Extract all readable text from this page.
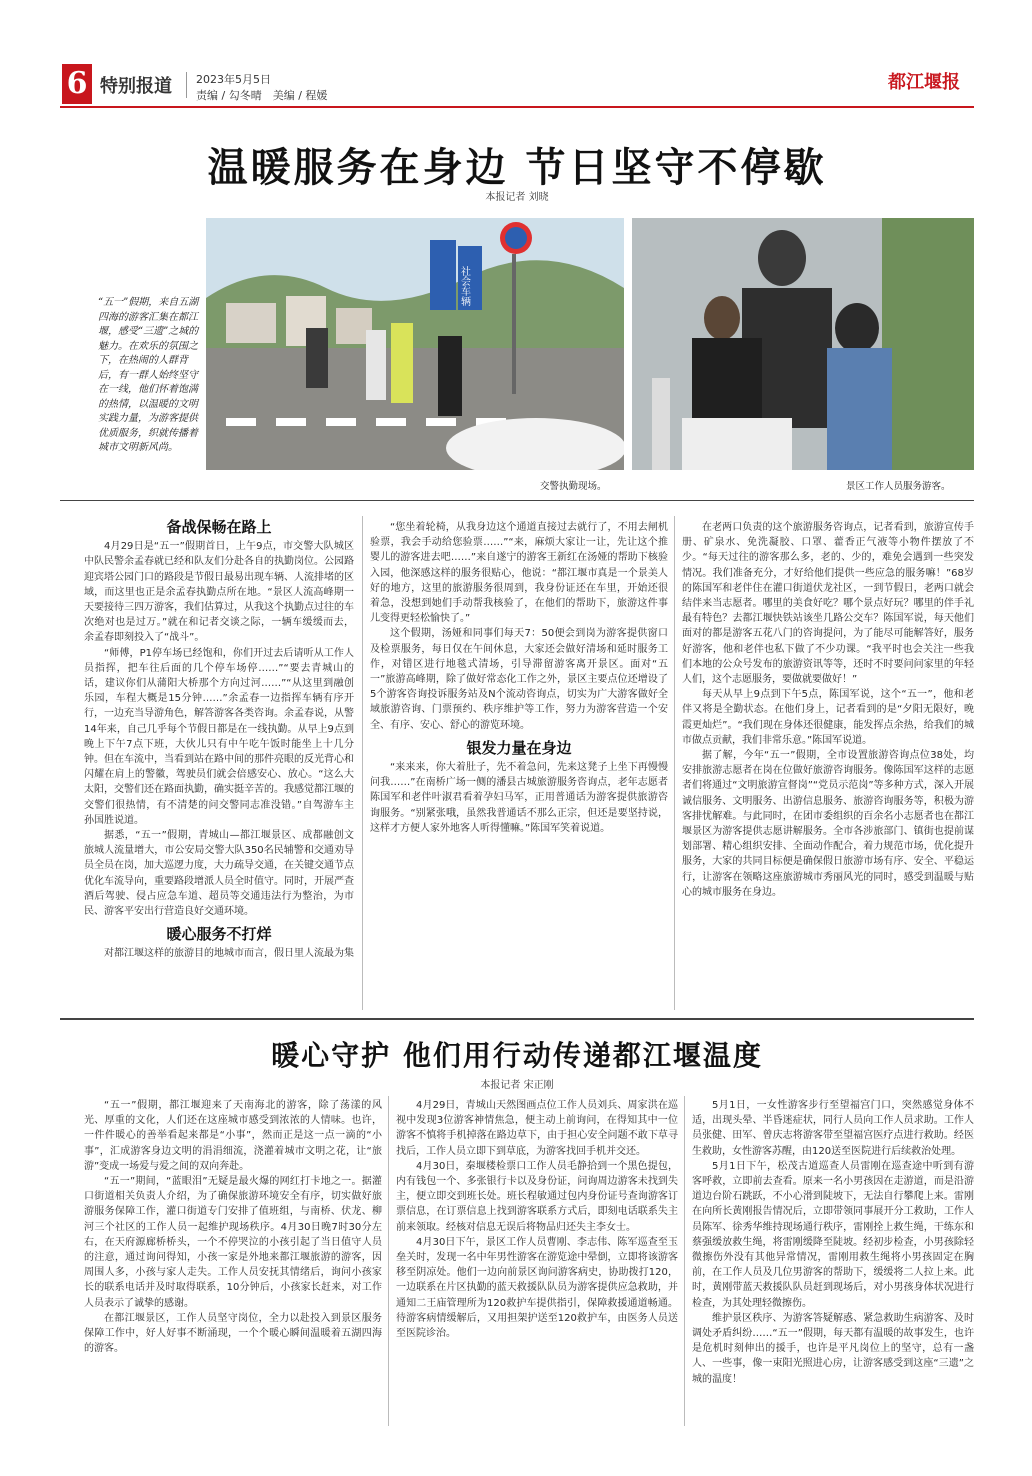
6 特别报道 2023年5月5日
责编 / 勾冬晴　美编 / 程媛
都江堰报
温暖服务在身边 节日坚守不停歇
本报记者 刘晓
“五一”假期，来自五湖四海的游客汇集在都江堰，感受“三遗”之城的魅力。在欢乐的氛围之下，在热闹的人群背后，有一群人始终坚守在一线，他们怀着饱满的热情，以温暖的文明实践力量，为游客提供优质服务，织就传播着城市文明新风尚。
社会车辆
交警执勤现场。	景区工作人员服务游客。
备战保畅在路上

4月29日是“五一”假期首日，上午9点，市交警大队城区中队民警余孟春就已经和队友们分赴各自的执勤岗位。公园路迎宾塔公园门口的路段是节假日最易出现车辆、人流排堵的区域，而这里也正是余孟春执勤点所在地。“景区人流高峰期一天要接待三四万游客，我们估算过，从我这个执勤点过往的车次绝对也是过万。”就在和记者交谈之际，一辆车缓缓而去，余孟春即刻投入了“战斗”。

“师傅，P1停车场已经饱和，你们开过去后请听从工作人员指挥，把车往后面的几个停车场停……”“要去青城山的话，建议你们从蒲阳大桥那个方向过河……”“从这里到融创乐园，车程大概是15分钟……”余孟春一边指挥车辆有序开行，一边充当导游角色，解答游客各类咨询。余孟春说，从警14年来，自己几乎每个节假日都是在一线执勤。从早上9点到晚上下午7点下班，大伙儿只有中午吃午饭时能坐上十几分钟。但在车流中，当看到站在路中间的那件亮眼的反光背心和闪耀在肩上的警徽，驾驶员们就会倍感安心、放心。“这么大太阳，交警们还在路面执勤，确实挺辛苦的。我感觉都江堰的交警们很热情，有不清楚的问交警同志准没错。”自驾游车主孙国胜说道。

据悉，“五一”假期，青城山—都江堰景区、成都融创文旅城人流量增大，市公安局交警大队350名民辅警和交通劝导员全员在岗，加大巡逻力度，大力疏导交通，在关键交通节点优化车流导向，重要路段增派人员全时值守。同时，开展严查酒后驾驶、侵占应急车道、超员等交通违法行为整治，为市民、游客平安出行营造良好交通环境。

暖心服务不打烊

对都江堰这样的旅游目的地城市而言，假日里人流最为集

“您坐着轮椅，从我身边这个通道直接过去就行了，不用去闸机验票，我会手动给您验票……”“来，麻烦大家让一让，先让这个推婴儿的游客进去吧……”来自遂宁的游客王新红在汤娅的帮助下核验入园，他深感这样的服务很贴心，他说：“都江堰市真是一个景美人好的地方，这里的旅游服务很周到，我身份证还在车里，开始还很着急，没想到她们手动帮我核验了，在他们的帮助下，旅游这件事儿变得更轻松愉快了。”

这个假期，汤娅和同事们每天7：50便会到岗为游客提供窗口及检票服务，每日仅在午间休息，大家还会做好清场和延时服务工作，对错区进行地毯式清场，引导滞留游客离开景区。面对“五一”旅游高峰期，除了做好常态化工作之外，景区主要点位还增设了5个游客咨询投诉服务站及N个流动咨询点，切实为广大游客做好全域旅游咨询、门票预约、秩序维护等工作，努力为游客营造一个安全、有序、安心、舒心的游览环境。

银发力量在身边

“来来来，你大着肚子，先不着急问，先来这凳子上坐下再慢慢问我……”在南桥广场一侧的潘县古城旅游服务咨询点，老年志愿者陈国军和老伴叶淑君看着孕妇马军，正用普通话为游客提供旅游咨询服务。“别紧张哦，虽然我普通话不那么正宗，但还是要坚持说，这样才方便人家外地客人听得懂嘛。”陈国军笑着说道。

在老两口负责的这个旅游服务咨询点，记者看到，旅游宣传手册、矿泉水、免洗凝胶、口罩、藿香正气液等小物件摆放了不少。“每天过往的游客那么多，老的、少的，难免会遇到一些突发情况。我们准备充分，才好给他们提供一些应急的服务嘛！”68岁的陈国军和老伴住在灌口街道伏龙社区，一到节假日，老两口就会结伴来当志愿者。哪里的美食好吃？哪个景点好玩？哪里的伴手礼最有特色？去都江堰快铁站该坐几路公交车？陈国军说，每天他们面对的都是游客五花八门的咨询提问，为了能尽可能解答好，服务好游客，他和老伴也私下做了不少功课。“我平时也会关注一些我们本地的公众号发布的旅游资讯等等，还时不时要问问家里的年轻人们，这个志愿服务，要做就要做好！”

每天从早上9点到下午5点，陈国军说，这个“五一”，他和老伴又将是全勤状态。在他们身上，记者看到的是“夕阳无限好，晚霞更灿烂”。“我们现在身体还很健康，能发挥点余热，给我们的城市做点贡献，我们非常乐意。”陈国军说道。

据了解，今年“五一”假期，全市设置旅游咨询点位38处，均安排旅游志愿者在岗在位做好旅游咨询服务。像陈国军这样的志愿者们将通过“文明旅游宣督岗”“党员示范岗”等多种方式，深入开展诚信服务、文明服务、出游信息服务、旅游咨询服务等，积极为游客排忧解难。与此同时，在团市委组织的百余名小志愿者也在都江堰景区为游客提供志愿讲解服务。全市各涉旅部门、镇街也提前谋划部署、精心组织安排、全面动作配合，着力规范市场，优化提升服务，大家的共同目标便是确保假日旅游市场有序、安全、平稳运行，让游客在领略这座旅游城市秀丽风光的同时，感受到温暖与贴心的城市服务在身边。

暖心守护 他们用行动传递都江堰温度
本报记者 宋正刚

“五一”假期，都江堰迎来了天南海北的游客，除了荡漾的风光、厚重的文化，人们还在这座城市感受到浓浓的人情味。也许，一件件暖心的善举看起来都是“小事”，然而正是这一点一滴的“小事”，汇成游客身边文明的涓涓细流，浇灌着城市文明之花，让“旅游”变成一场爱与爱之间的双向奔赴。

“五一”期间，“蓝眼泪”无疑是最火爆的网红打卡地之一。据灌口街道相关负责人介绍，为了确保旅游环境安全有序，切实做好旅游服务保障工作，灌口街道专门安排了值班组，与南桥、伏龙、柳河三个社区的工作人员一起维护现场秩序。4月30日晚7时30分左右，在天府源廊桥桥头，一个不停哭泣的小孩引起了当日值守人员的注意，通过询问得知，小孩一家是外地来都江堰旅游的游客，因周围人多，小孩与家人走失。工作人员安抚其情绪后，询问小孩家长的联系电话并及时取得联系，10分钟后，小孩家长赶来，对工作人员表示了诚挚的感谢。

在都江堰景区，工作人员坚守岗位，全力以赴投入到景区服务保障工作中，好人好事不断涌现，一个个暖心瞬间温暖着五湖四海的游客。

4月29日，青城山天然图画点位工作人员刘兵、周家洪在巡视中发现3位游客神情焦急，便主动上前询问，在得知其中一位游客不慎将手机掉落在路边草下，由于担心安全问题不敢下草寻找后，工作人员立即下到草底，为游客找回手机并交还。

4月30日，秦堰楼检票口工作人员毛静拾到一个黑色提包，内有钱包一个、多张银行卡以及身份证，问询周边游客未找到失主，便立即交到班长处。班长程敏通过包内身份证号查询游客订票信息，在订票信息上找到游客联系方式后，即刻电话联系失主前来领取。经核对信息无误后将物品归还失主李女士。

4月30日下午，景区工作人员曹刚、李志伟、陈军巡查至玉垒关时，发现一名中年男性游客在游览途中晕倒，立即将该游客移至阴凉处。他们一边向前景区询问游客病史，协助拨打120，一边联系在片区执勤的蓝天救援队队员为游客提供应急救助，并通知二王庙管理所为120救护车提供指引，保障救援通道畅通。待游客病情缓解后，又用担架护送至120救护车，由医务人员送至医院诊治。

5月1日，一女性游客步行至望福宫门口，突然感觉身体不适，出现头晕、半昏迷症状，同行人员向工作人员求助。工作人员张健、田军、曾庆志将游客带至望福宫医疗点进行救助。经医生救助，女性游客苏醒，由120送至医院进行后续救治处理。

5月1日下午，松茂古道巡查人员雷刚在巡查途中听到有游客呼救，立即前去查看。原来一名小男孩因在走游道，而是沿游道边台阶石跳跃，不小心滑到陡坡下，无法自行攀爬上来。雷刚在向所长黄刚报告情况后，立即带领同事展开分工救助，工作人员陈军、徐秀华维持现场通行秩序，雷刚拴上救生绳，干练东和蔡强缓放救生绳，将雷刚缓降至陡坡。经初步检查，小男孩除轻微擦伤外没有其他异常情况，雷刚用救生绳将小男孩固定在胸前，在工作人员及几位男游客的帮助下，缓缓将二人拉上来。此时，黄刚带蓝天救援队队员赶到现场后，对小男孩身体状况进行检查，为其处理轻微擦伤。

维护景区秩序、为游客答疑解惑、紧急救助生病游客、及时调处矛盾纠纷……“五一”假期，每天都有温暖的故事发生，也许是危机时刻伸出的援手，也许是平凡岗位上的坚守，总有一盏人、一些事，像一束阳光照进心房，让游客感受到这座“三遗”之城的温度！
